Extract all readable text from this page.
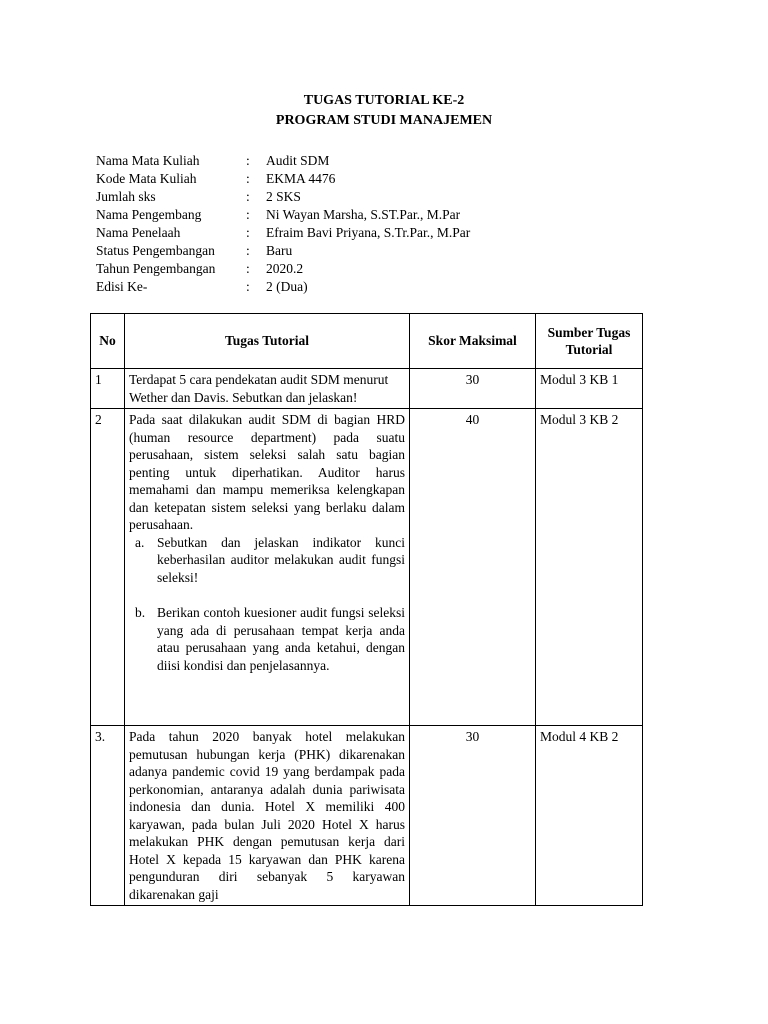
TUGAS TUTORIAL KE-2
PROGRAM STUDI MANAJEMEN
Nama Mata Kuliah	:	Audit SDM
Kode Mata Kuliah	:	EKMA 4476
Jumlah sks	:	2 SKS
Nama Pengembang	:	Ni Wayan Marsha, S.ST.Par., M.Par
Nama Penelaah	:	Efraim Bavi Priyana, S.Tr.Par., M.Par
Status Pengembangan	:	Baru
Tahun Pengembangan	:	2020.2
Edisi Ke-	:	2 (Dua)
No	Tugas Tutorial	Skor Maksimal	Sumber Tugas Tutorial
1	Terdapat 5 cara pendekatan audit SDM menurut Wether dan Davis. Sebutkan dan jelaskan!	30	Modul 3 KB 1
2	Pada saat dilakukan audit SDM di bagian HRD (human resource department) pada suatu perusahaan, sistem seleksi salah satu bagian penting untuk diperhatikan. Auditor harus memahami dan mampu memeriksa kelengkapan dan ketepatan sistem seleksi yang berlaku dalam perusahaan.
a. Sebutkan dan jelaskan indikator kunci keberhasilan auditor melakukan audit fungsi seleksi!
b. Berikan contoh kuesioner audit fungsi seleksi yang ada di perusahaan tempat kerja anda atau perusahaan yang anda ketahui, dengan diisi kondisi dan penjelasannya.	40	Modul 3 KB 2
3.	Pada tahun 2020 banyak hotel melakukan pemutusan hubungan kerja (PHK) dikarenakan adanya pandemic covid 19 yang berdampak pada perkonomian, antaranya adalah dunia pariwisata indonesia dan dunia. Hotel X memiliki 400 karyawan, pada bulan Juli 2020 Hotel X harus melakukan PHK dengan pemutusan kerja dari Hotel X kepada 15 karyawan dan PHK karena pengunduran diri sebanyak 5 karyawan dikarenakan gaji	30	Modul 4 KB 2
